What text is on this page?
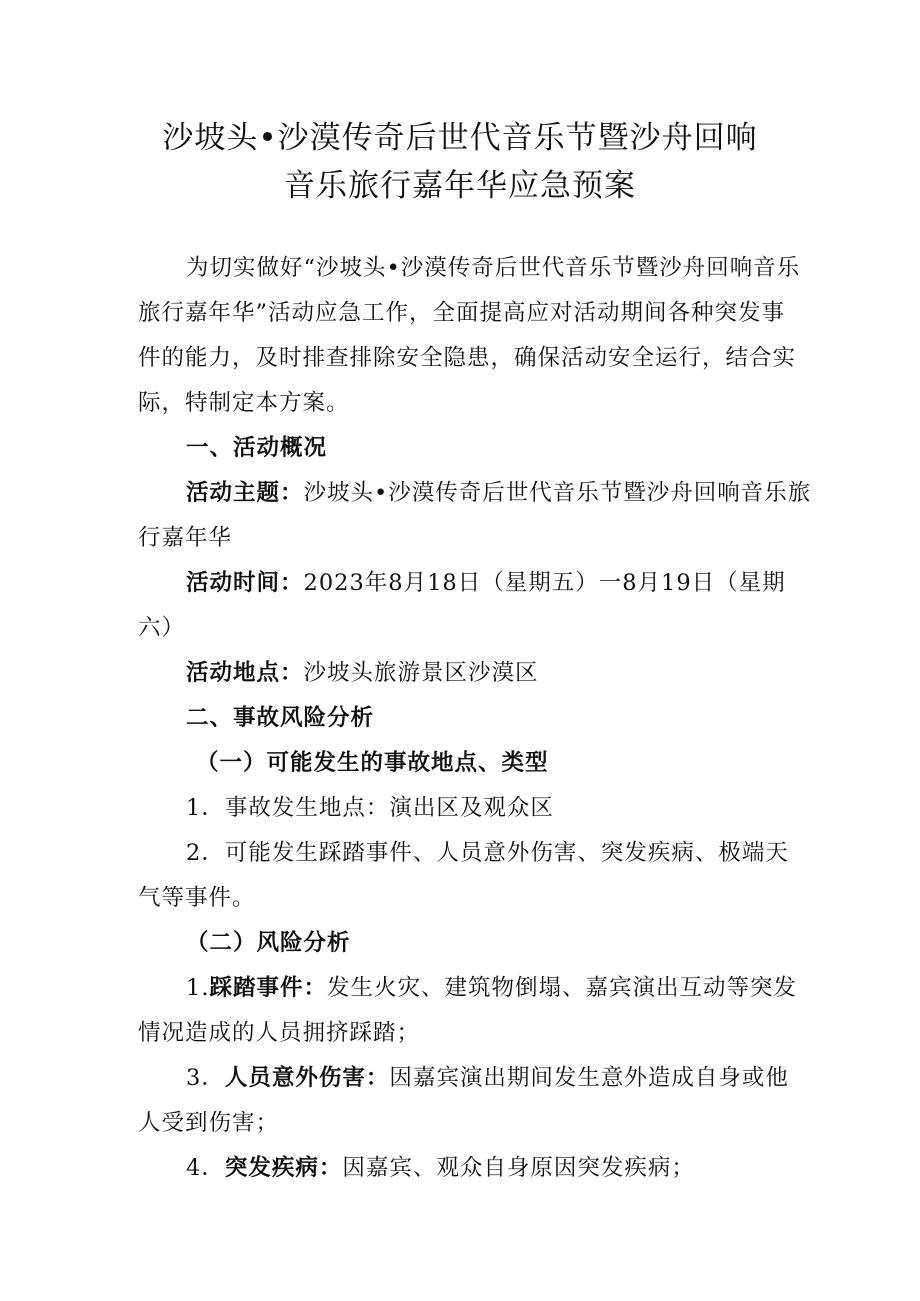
沙坡头•沙漠传奇后世代音乐节暨沙舟回响
音乐旅行嘉年华应急预案
为切实做好“沙坡头•沙漠传奇后世代音乐节暨沙舟回响音乐
旅行嘉年华”活动应急工作，全面提高应对活动期间各种突发事
件的能力，及时排查排除安全隐患，确保活动安全运行，结合实
际，特制定本方案。
一、活动概况
活动主题：沙坡头•沙漠传奇后世代音乐节暨沙舟回响音乐旅
行嘉年华
活动时间：2023年8月18日（星期五）一8月19日（星期
六）
活动地点：沙坡头旅游景区沙漠区
二、事故风险分析
（一）可能发生的事故地点、类型
1．事故发生地点：演出区及观众区
2．可能发生踩踏事件、人员意外伤害、突发疾病、极端天
气等事件。
（二）风险分析
1.踩踏事件：发生火灾、建筑物倒塌、嘉宾演出互动等突发
情况造成的人员拥挤踩踏；
3．人员意外伤害：因嘉宾演出期间发生意外造成自身或他
人受到伤害；
4．突发疾病：因嘉宾、观众自身原因突发疾病；
